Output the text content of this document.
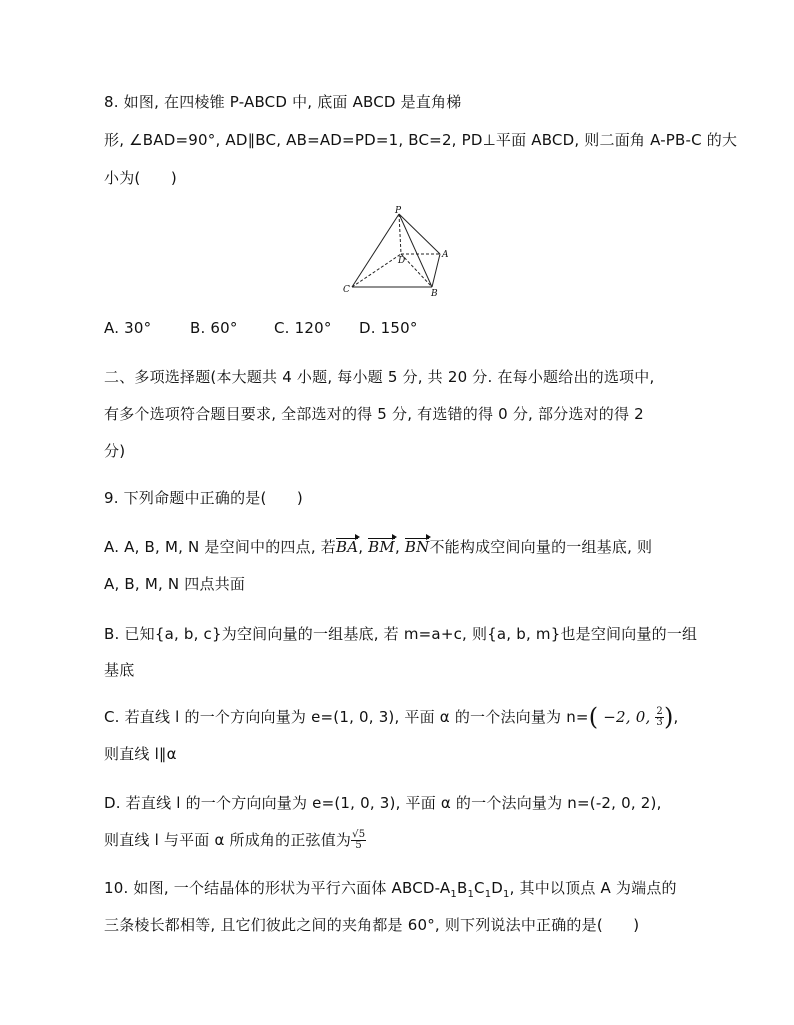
8. 如图, 在四棱锥 P-ABCD 中, 底面 ABCD 是直角梯
形, ∠BAD=90°, AD∥BC, AB=AD=PD=1, BC=2, PD⊥平面 ABCD, 则二面角 A-PB-C 的大
小为(　　)
P
D
A
C	B
A. 30°	B. 60° C. 120° D. 150°
二、多项选择题(本大题共 4 小题, 每小题 5 分, 共 20 分. 在每小题给出的选项中,
有多个选项符合题目要求, 全部选对的得 5 分, 有选错的得 0 分, 部分选对的得 2
分)
9. 下列命题中正确的是(　　)
A. A, B, M, N 是空间中的四点, 若BA, BM, BN不能构成空间向量的一组基底, 则
A, B, M, N 四点共面
B. 已知{a, b, c}为空间向量的一组基底, 若 m=a+c, 则{a, b, m}也是空间向量的一组
基底
C. 若直线 l 的一个方向向量为 e=(1, 0, 3), 平面 α 的一个法向量为 n=( −2, 0, $\frac{2}{3}$ ),
则直线 l∥α
D. 若直线 l 的一个方向向量为 e=(1, 0, 3), 平面 α 的一个法向量为 n=(-2, 0, 2),
则直线 l 与平面 α 所成角的正弦值为 $\frac{√5}{5}$
10. 如图, 一个结晶体的形状为平行六面体 ABCD-$A_1B_1C_1D_1$, 其中以顶点 A 为端点的
三条棱长都相等, 且它们彼此之间的夹角都是 60°, 则下列说法中正确的是(　　)
